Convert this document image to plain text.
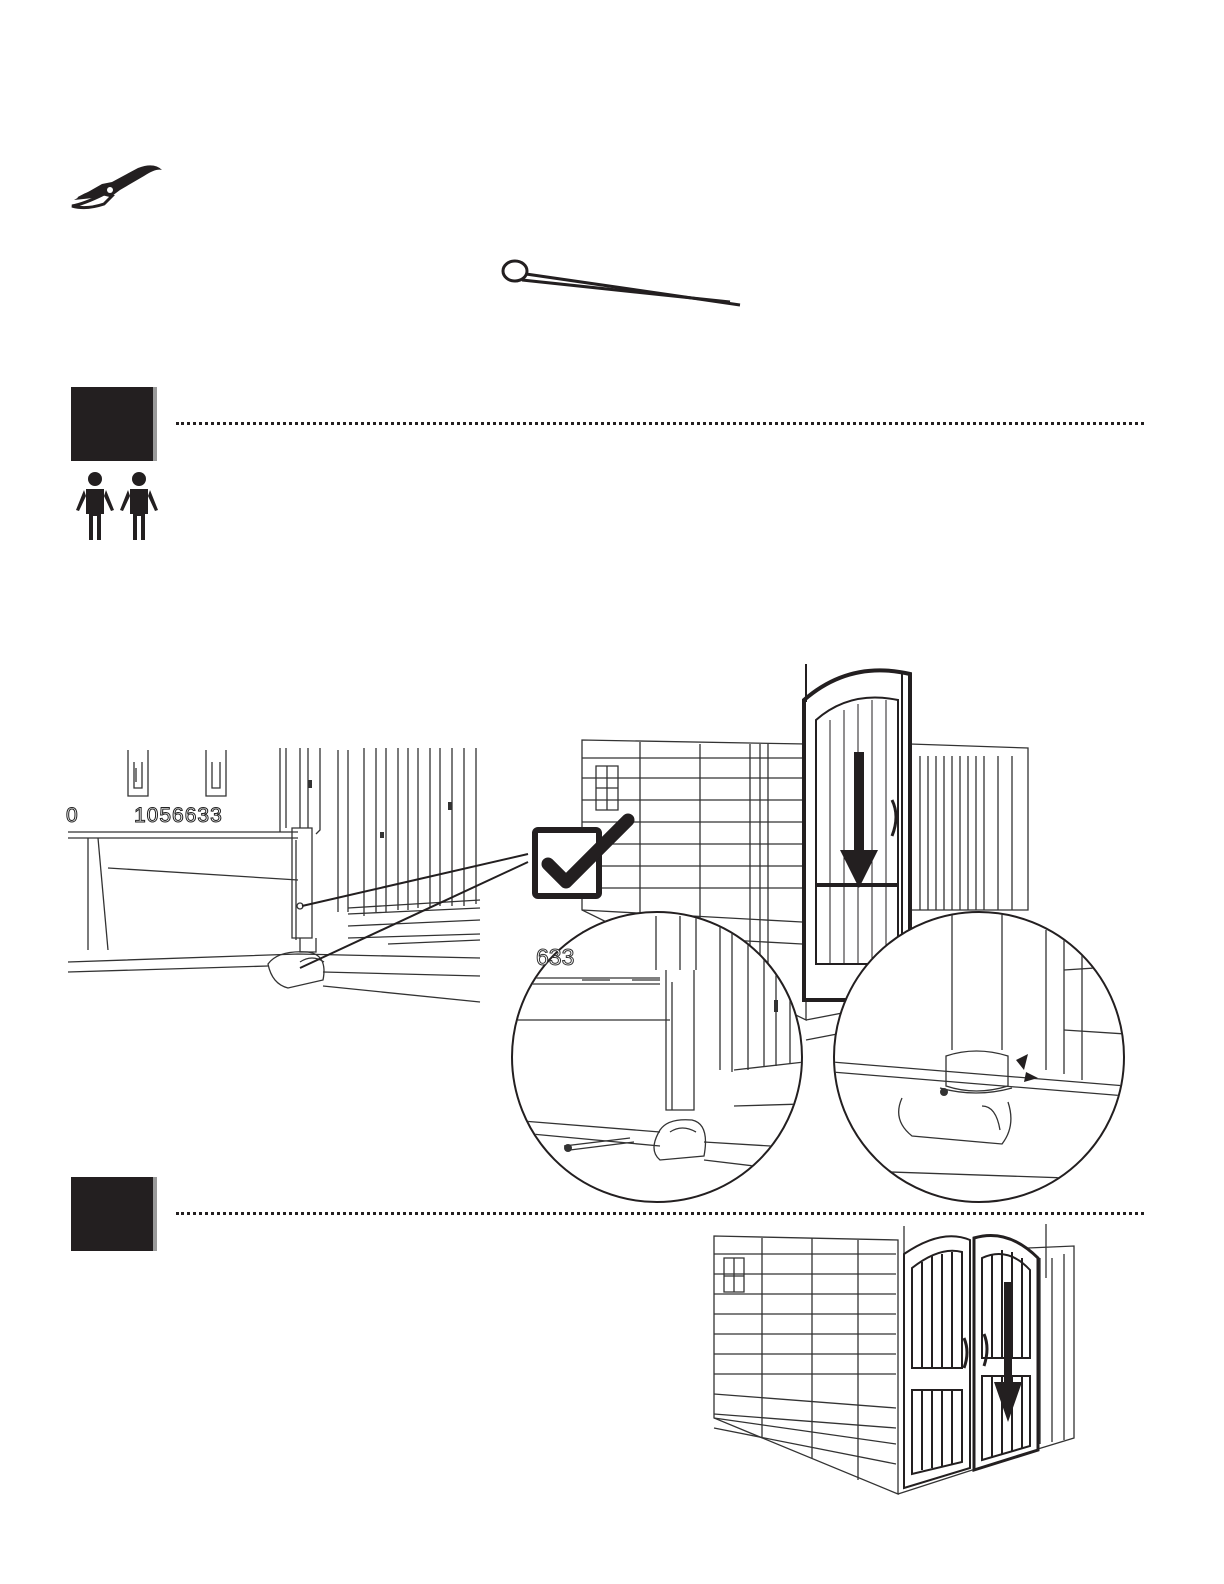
0	1056633
633
